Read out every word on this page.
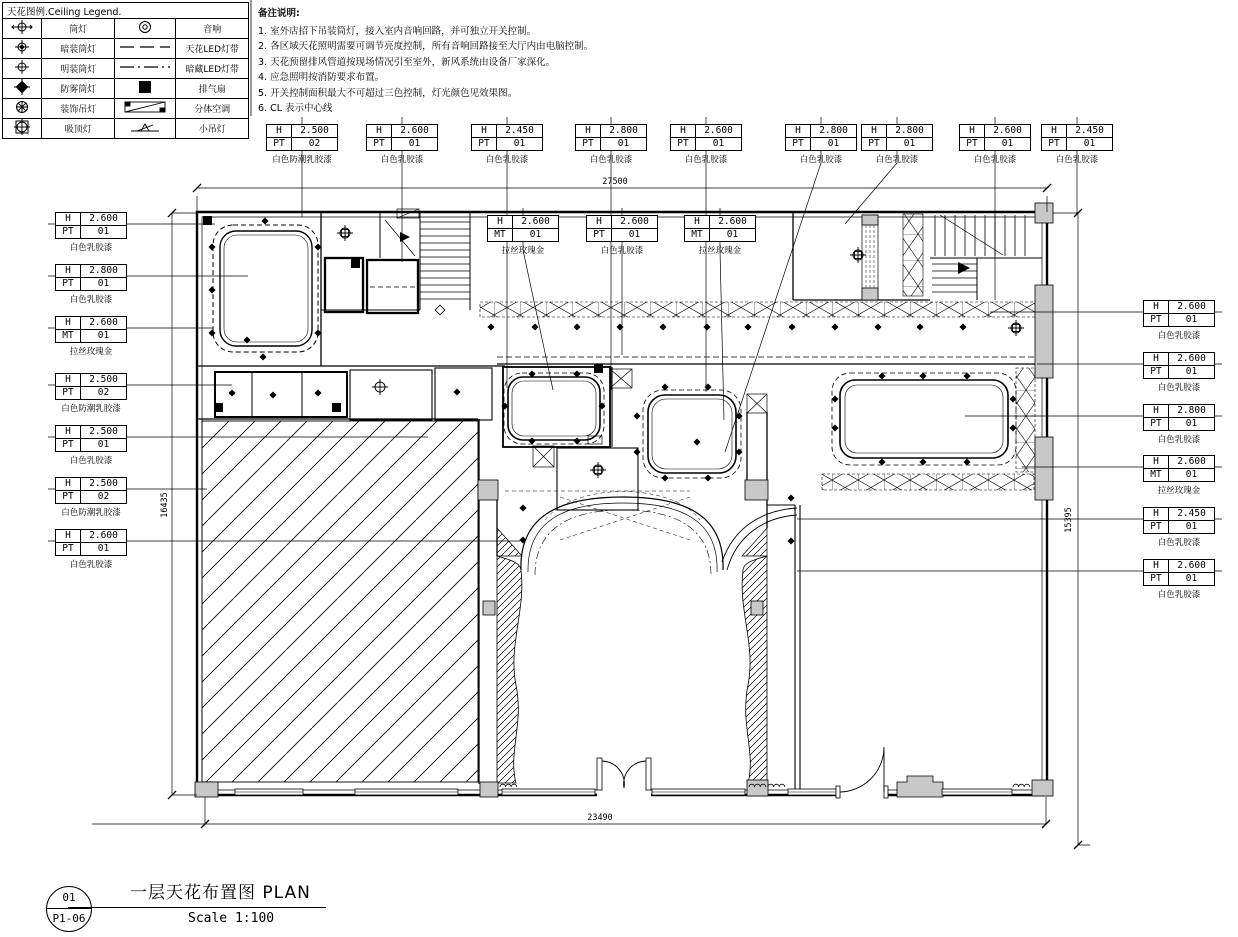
27500
23490
16435
15395
天花图例.Ceiling Legend.			
	筒灯		音响
	暗装筒灯		天花LED灯带
	明装筒灯		暗藏LED灯带
	防雾筒灯		排气扇
	装饰吊灯		分体空调
	吸顶灯		小吊灯
备注说明:
1. 室外店招下吊装筒灯，接入室内音响回路，并可独立开关控制。
2. 各区域天花照明需要可调节亮度控制，所有音响回路接至大厅内由电脑控制。
3. 天花预留排风管道按现场情况引至室外，新风系统由设备厂家深化。
4. 应急照明按消防要求布置。
5. 开关控制面积最大不可超过三色控制，灯光颜色见效果图。
6. CL 表示中心线
H	2.500
PT	02
白色防潮乳胶漆
H	2.600
PT	01
白色乳胶漆
H	2.450
PT	01
白色乳胶漆
H	2.800
PT	01
白色乳胶漆
H	2.600
PT	01
白色乳胶漆
H	2.800
PT	01
白色乳胶漆
H	2.800
PT	01
白色乳胶漆
H	2.600
PT	01
白色乳胶漆
H	2.450
PT	01
白色乳胶漆
H	2.600
PT	01
白色乳胶漆
H	2.800
PT	01
白色乳胶漆
H	2.600
MT	01
拉丝玫瑰金
H	2.500
PT	02
白色防潮乳胶漆
H	2.500
PT	01
白色乳胶漆
H	2.500
PT	02
白色防潮乳胶漆
H	2.600
PT	01
白色乳胶漆
H	2.600
PT	01
白色乳胶漆
H	2.600
PT	01
白色乳胶漆
H	2.800
PT	01
白色乳胶漆
H	2.600
MT	01
拉丝玫瑰金
H	2.450
PT	01
白色乳胶漆
H	2.600
PT	01
白色乳胶漆
H	2.600
MT	01
拉丝玫瑰金
H	2.600
PT	01
白色乳胶漆
H	2.600
MT	01
拉丝玫瑰金
01
P1-06
一层天花布置图 PLAN
Scale 1:100
